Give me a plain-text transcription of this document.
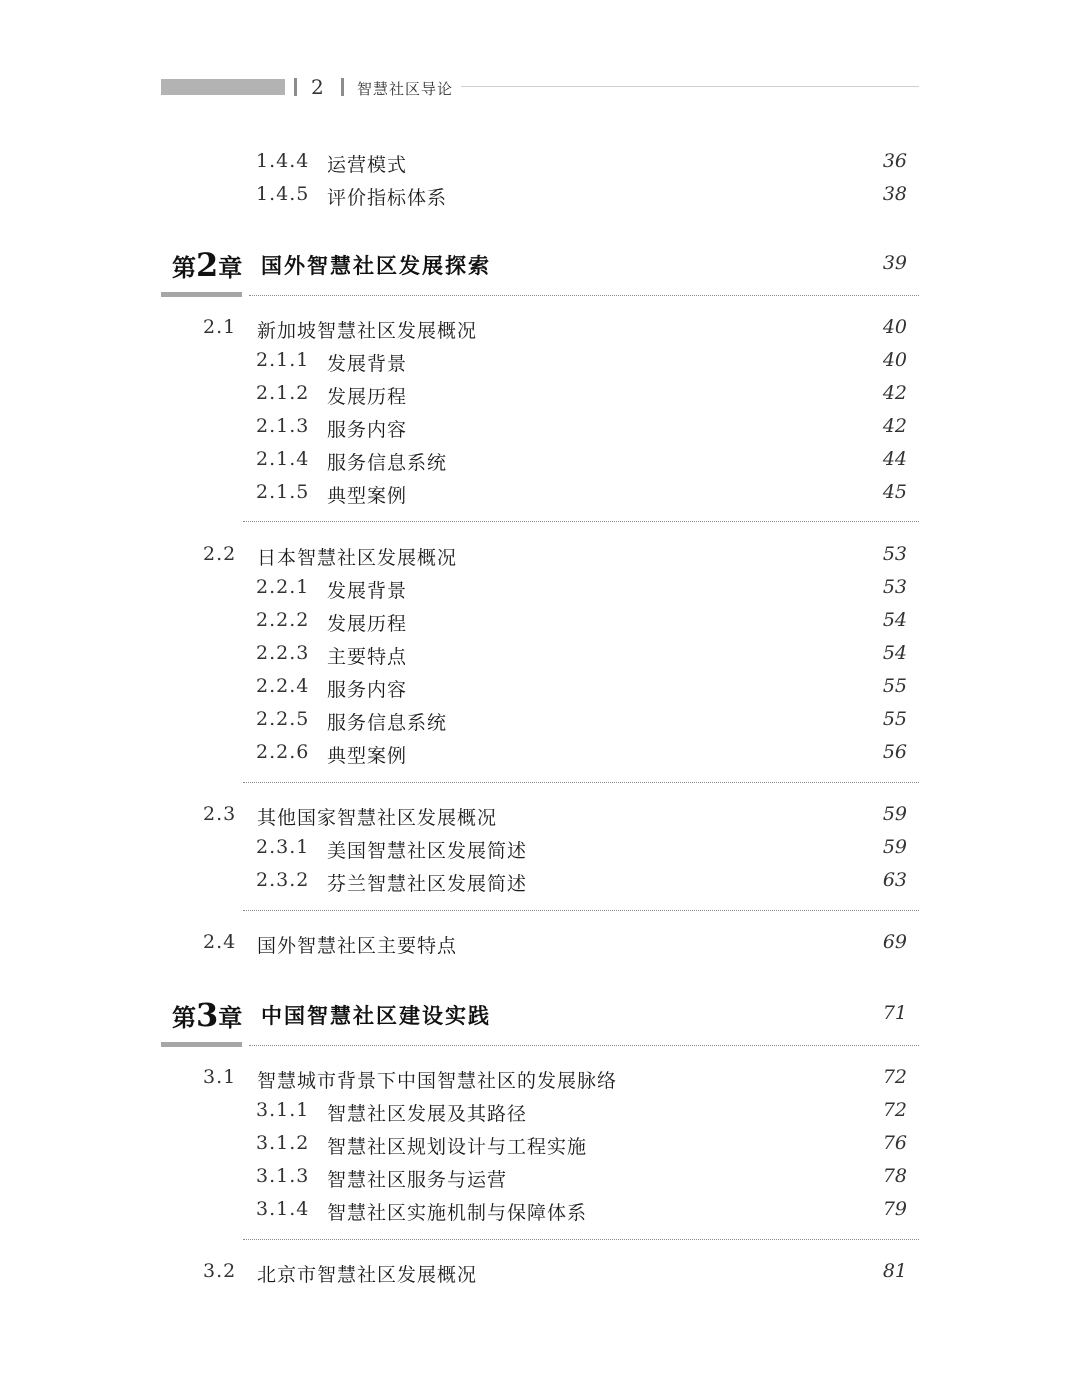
2 智慧社区导论
1.4.4 运营模式	36
1.4.5 评价指标体系	38
第2章 国外智慧社区发展探索	39
2.1 新加坡智慧社区发展概况	40
2.1.1 发展背景	40
2.1.2 发展历程	42
2.1.3 服务内容	42
2.1.4 服务信息系统	44
2.1.5 典型案例	45
2.2 日本智慧社区发展概况	53
2.2.1 发展背景	53
2.2.2 发展历程	54
2.2.3 主要特点	54
2.2.4 服务内容	55
2.2.5 服务信息系统	55
2.2.6 典型案例	56
2.3 其他国家智慧社区发展概况	59
2.3.1 美国智慧社区发展简述	59
2.3.2 芬兰智慧社区发展简述	63
2.4 国外智慧社区主要特点	69
第3章 中国智慧社区建设实践	71
3.1 智慧城市背景下中国智慧社区的发展脉络	72
3.1.1 智慧社区发展及其路径	72
3.1.2 智慧社区规划设计与工程实施	76
3.1.3 智慧社区服务与运营	78
3.1.4 智慧社区实施机制与保障体系	79
3.2 北京市智慧社区发展概况	81
